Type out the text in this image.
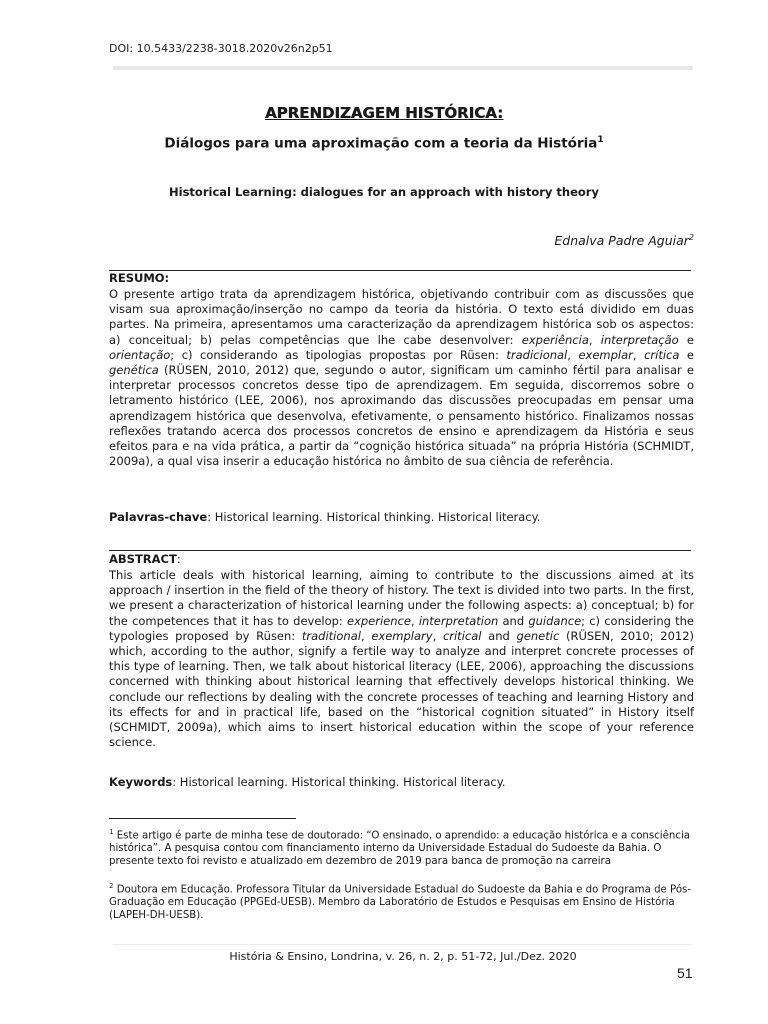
DOI: 10.5433/2238-3018.2020v26n2p51
APRENDIZAGEM HISTÓRICA:
Diálogos para uma aproximação com a teoria da História$^1$
Historical Learning: dialogues for an approach with history theory
Ednalva Padre Aguiar$^2$
RESUMO:
O presente artigo trata da aprendizagem histórica, objetivando contribuir com as discussões que visam sua aproximação/inserção no campo da teoria da história. O texto está dividido em duas partes. Na primeira, apresentamos uma caracterização da aprendizagem histórica sob os aspectos: a) conceitual; b) pelas competências que lhe cabe desenvolver: experiência, interpretação e orientação; c) considerando as tipologias propostas por Rüsen: tradicional, exemplar, crítica e genética (RÜSEN, 2010, 2012) que, segundo o autor, significam um caminho fértil para analisar e interpretar processos concretos desse tipo de aprendizagem. Em seguida, discorremos sobre o letramento histórico (LEE, 2006), nos aproximando das discussões preocupadas em pensar uma aprendizagem histórica que desenvolva, efetivamente, o pensamento histórico. Finalizamos nossas reflexões tratando acerca dos processos concretos de ensino e aprendizagem da História e seus efeitos para e na vida prática, a partir da “cognição histórica situada” na própria História (SCHMIDT, 2009a), a qual visa inserir a educação histórica no âmbito de sua ciência de referência.
Palavras-chave: Historical learning. Historical thinking. Historical literacy.
ABSTRACT:
This article deals with historical learning, aiming to contribute to the discussions aimed at its approach / insertion in the field of the theory of history. The text is divided into two parts. In the first, we present a characterization of historical learning under the following aspects: a) conceptual; b) for the competences that it has to develop: experience, interpretation and guidance; c) considering the typologies proposed by Rüsen: traditional, exemplary, critical and genetic (RÜSEN, 2010; 2012) which, according to the author, signify a fertile way to analyze and interpret concrete processes of this type of learning. Then, we talk about historical literacy (LEE, 2006), approaching the discussions concerned with thinking about historical learning that effectively develops historical thinking. We conclude our reflections by dealing with the concrete processes of teaching and learning History and its effects for and in practical life, based on the “historical cognition situated” in History itself (SCHMIDT, 2009a), which aims to insert historical education within the scope of your reference science.
Keywords: Historical learning. Historical thinking. Historical literacy.
$^1$ Este artigo é parte de minha tese de doutorado: “O ensinado, o aprendido: a educação histórica e a consciência histórica”. A pesquisa contou com financiamento interno da Universidade Estadual do Sudoeste da Bahia. O presente texto foi revisto e atualizado em dezembro de 2019 para banca de promoção na carreira
$^2$ Doutora em Educação. Professora Titular da Universidade Estadual do Sudoeste da Bahia e do Programa de Pós-Graduação em Educação (PPGEd-UESB). Membro da Laboratório de Estudos e Pesquisas em Ensino de História (LAPEH-DH-UESB).
História & Ensino, Londrina, v. 26, n. 2, p. 51-72, Jul./Dez. 2020
51
